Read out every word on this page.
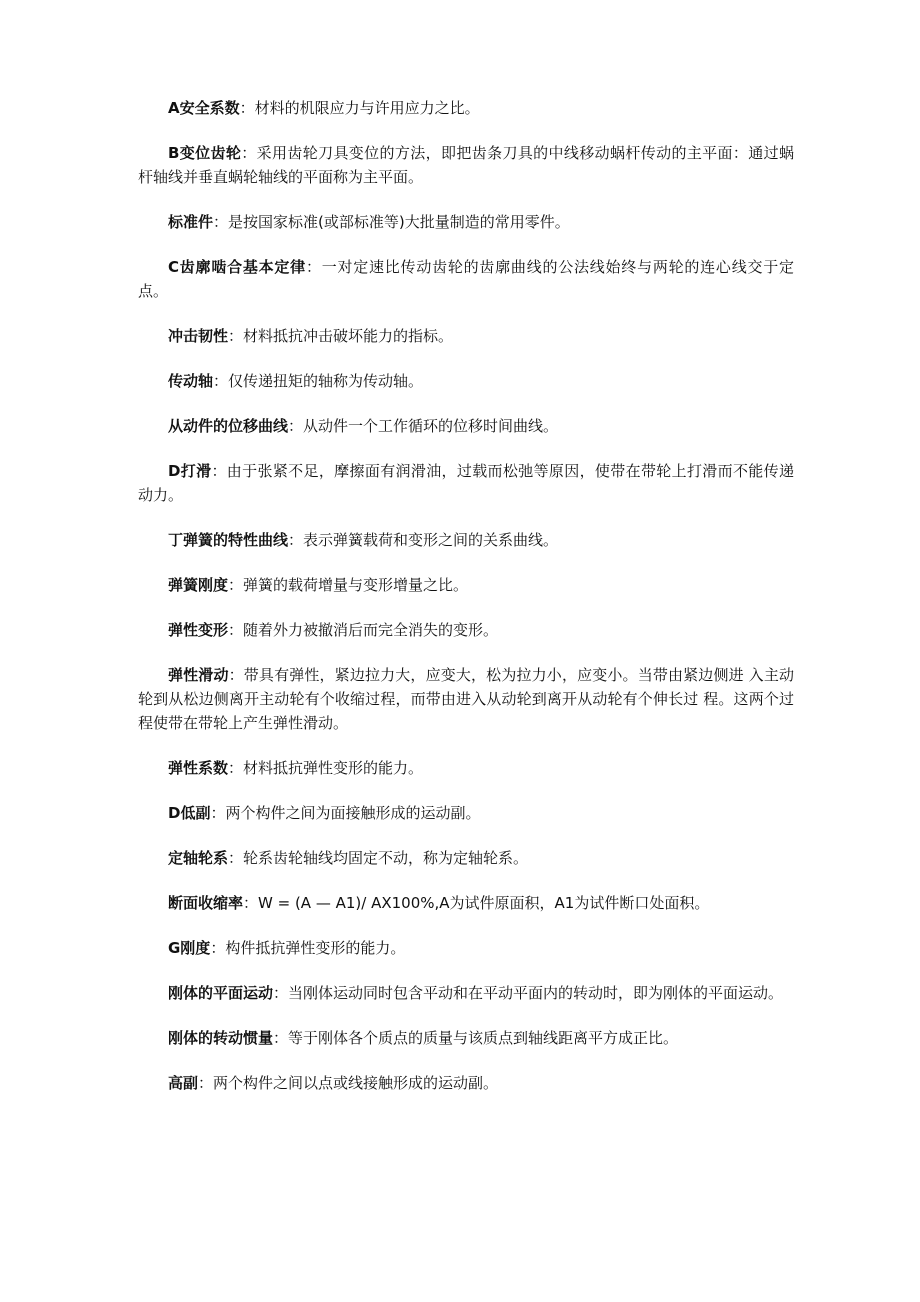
A安全系数：材料的机限应力与许用应力之比。

B变位齿轮：采用齿轮刀具变位的方法，即把齿条刀具的中线移动蜗杆传动的主平面：通过蜗杆轴线并垂直蜗轮轴线的平面称为主平面。

标准件：是按国家标准(或部标准等)大批量制造的常用零件。

C齿廓啮合基本定律：一对定速比传动齿轮的齿廓曲线的公法线始终与两轮的连心线交于定点。

冲击韧性：材料抵抗冲击破坏能力的指标。

传动轴：仅传递扭矩的轴称为传动轴。

从动件的位移曲线：从动件一个工作循环的位移时间曲线。

D打滑：由于张紧不足，摩擦面有润滑油，过载而松弛等原因，使带在带轮上打滑而不能传递动力。

丁弹簧的特性曲线：表示弹簧载荷和变形之间的关系曲线。

弹簧刚度：弹簧的载荷增量与变形增量之比。

弹性变形：随着外力被撤消后而完全消失的变形。

弹性滑动：带具有弹性，紧边拉力大，应变大，松为拉力小，应变小。当带由紧边侧进 入主动轮到从松边侧离开主动轮有个收缩过程，而带由进入从动轮到离开从动轮有个伸长过 程。这两个过程使带在带轮上产生弹性滑动。

弹性系数：材料抵抗弹性变形的能力。

D低副：两个构件之间为面接触形成的运动副。

定轴轮系：轮系齿轮轴线均固定不动，称为定轴轮系。

断面收缩率：W = (A — A1)/ AX100%,A为试件原面积，A1为试件断口处面积。

G刚度：构件抵抗弹性变形的能力。

刚体的平面运动：当刚体运动同时包含平动和在平动平面内的转动时，即为刚体的平面运动。

刚体的转动惯量：等于刚体各个质点的质量与该质点到轴线距离平方成正比。

高副：两个构件之间以点或线接触形成的运动副。
